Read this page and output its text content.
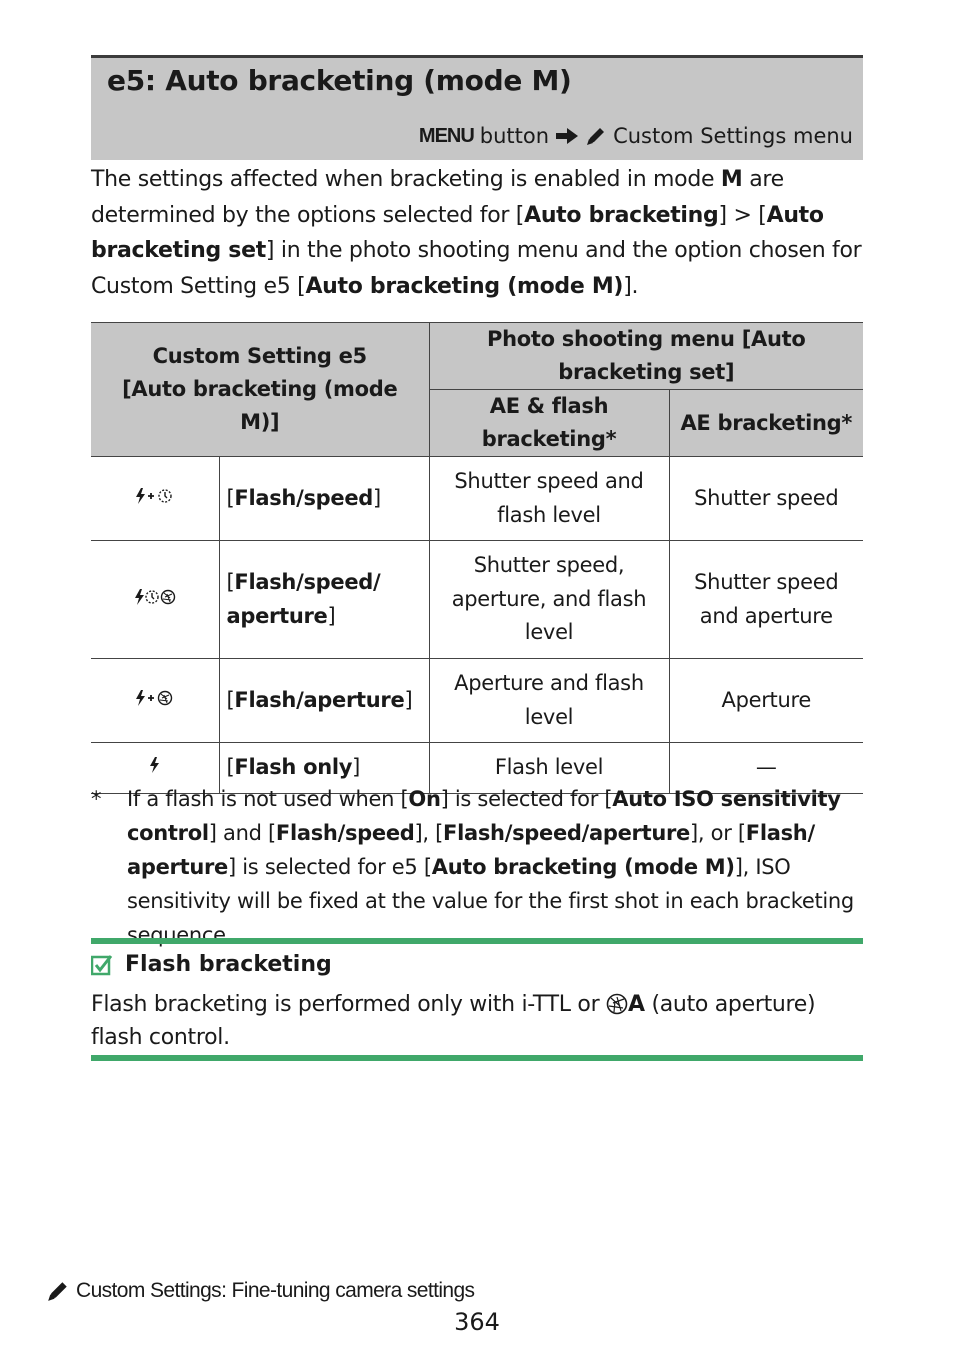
e5: Auto bracketing (mode M)
MENU button	Custom Settings menu
The settings affected when bracketing is enabled in mode M are determined by the options selected for [Auto bracketing] > [Auto bracketing set] in the photo shooting menu and the option chosen for Custom Setting e5 [Auto bracketing (mode M)].
Custom Setting e5 [Auto bracketing (mode M)]		Photo shooting menu [Auto bracketing set]	
		AE & flash bracketing*	AE bracketing*
	[Flash/speed]	Shutter speed and flash level	Shutter speed
	[Flash/speed/
aperture]	Shutter speed, aperture, and flash level	Shutter speed and aperture
	[Flash/aperture]	Aperture and flash level	Aperture
	[Flash only]	Flash level	—
* If a flash is not used when [On] is selected for [Auto ISO sensitivity control] and [Flash/speed], [Flash/speed/aperture], or [Flash/ aperture] is selected for e5 [Auto bracketing (mode M)], ISO sensitivity will be fixed at the value for the first shot in each bracketing sequence.
Flash bracketing
Flash bracketing is performed only with i-TTL or A (auto aperture) flash control.
Custom Settings: Fine-tuning camera settings
364
